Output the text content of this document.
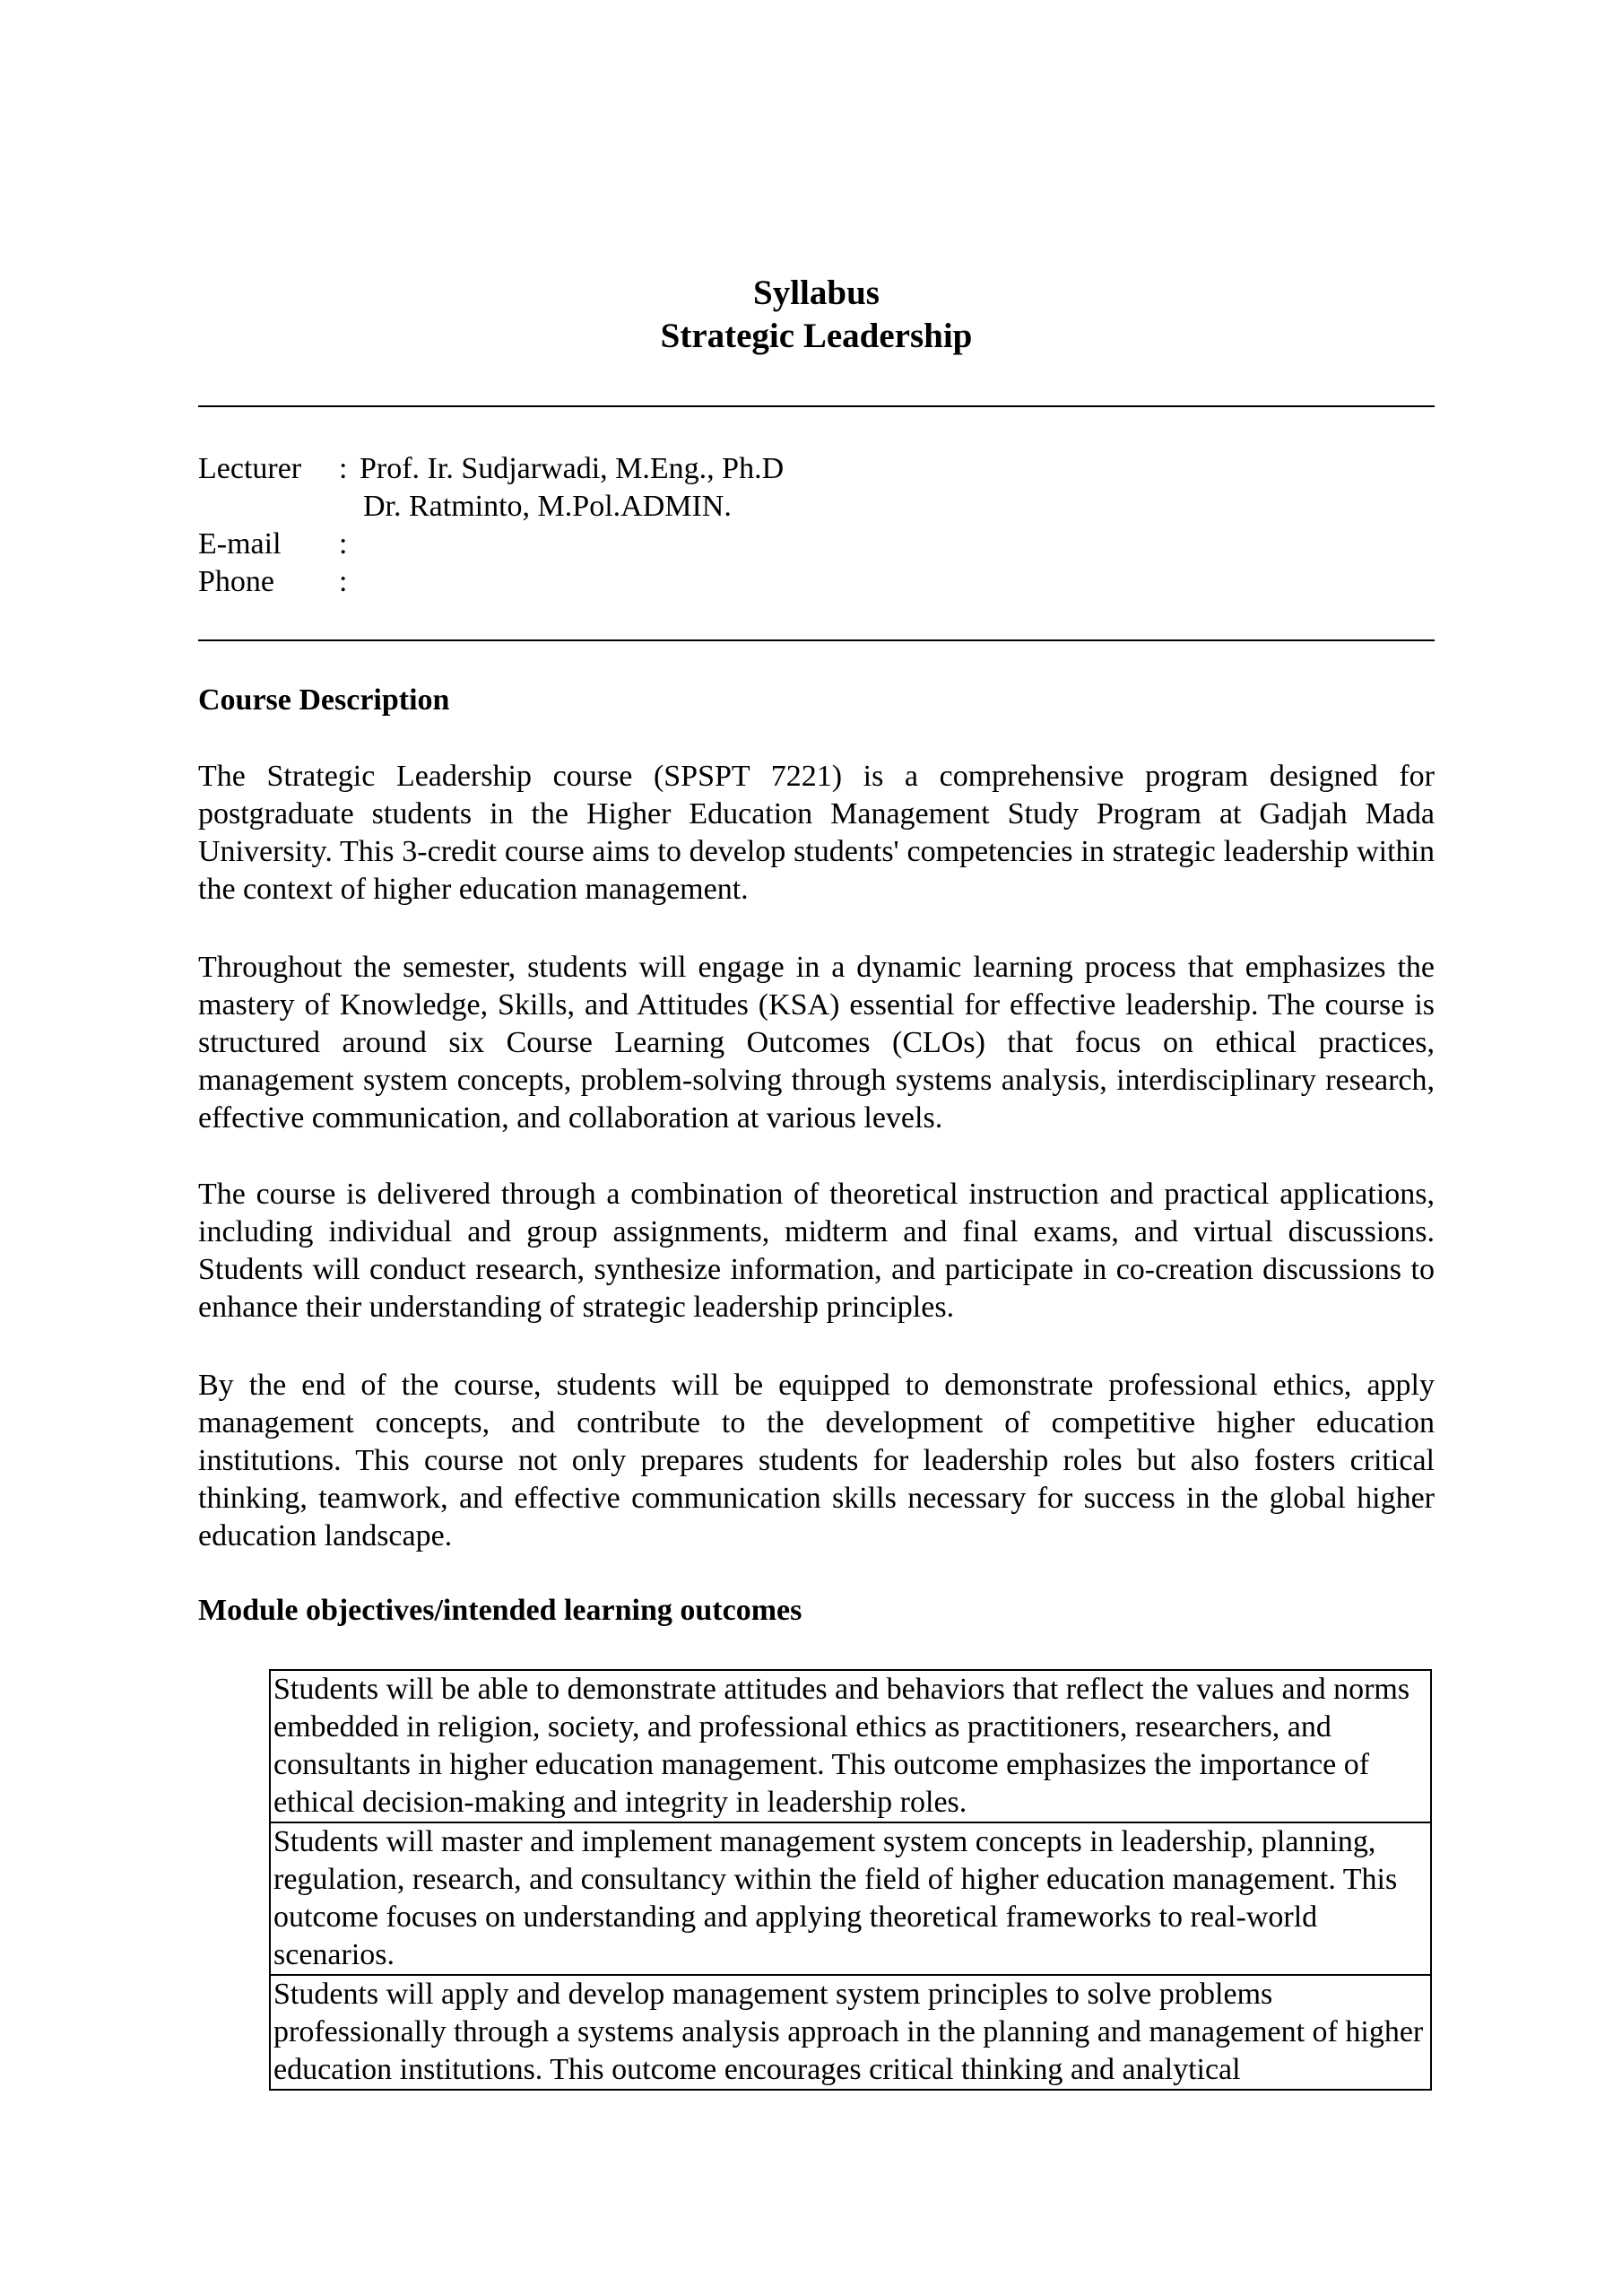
Syllabus
Strategic Leadership
Lecturer : Prof. Ir. Sudjarwadi, M.Eng., Ph.D
Dr. Ratminto, M.Pol.ADMIN.
E-mail :
Phone :
Course Description
The Strategic Leadership course (SPSPT 7221) is a comprehensive program designed for postgraduate students in the Higher Education Management Study Program at Gadjah Mada University. This 3-credit course aims to develop students' competencies in strategic leadership within the context of higher education management.
Throughout the semester, students will engage in a dynamic learning process that emphasizes the mastery of Knowledge, Skills, and Attitudes (KSA) essential for effective leadership. The course is structured around six Course Learning Outcomes (CLOs) that focus on ethical practices, management system concepts, problem-solving through systems analysis, interdisciplinary research, effective communication, and collaboration at various levels.
The course is delivered through a combination of theoretical instruction and practical applications, including individual and group assignments, midterm and final exams, and virtual discussions. Students will conduct research, synthesize information, and participate in co-creation discussions to enhance their understanding of strategic leadership principles.
By the end of the course, students will be equipped to demonstrate professional ethics, apply management concepts, and contribute to the development of competitive higher education institutions. This course not only prepares students for leadership roles but also fosters critical thinking, teamwork, and effective communication skills necessary for success in the global higher education landscape.
Module objectives/intended learning outcomes
Students will be able to demonstrate attitudes and behaviors that reflect the values and norms embedded in religion, society, and professional ethics as practitioners, researchers, and consultants in higher education management. This outcome emphasizes the importance of ethical decision-making and integrity in leadership roles.
Students will master and implement management system concepts in leadership, planning, regulation, research, and consultancy within the field of higher education management. This outcome focuses on understanding and applying theoretical frameworks to real-world scenarios.
Students will apply and develop management system principles to solve problems professionally through a systems analysis approach in the planning and management of higher education institutions. This outcome encourages critical thinking and analytical
